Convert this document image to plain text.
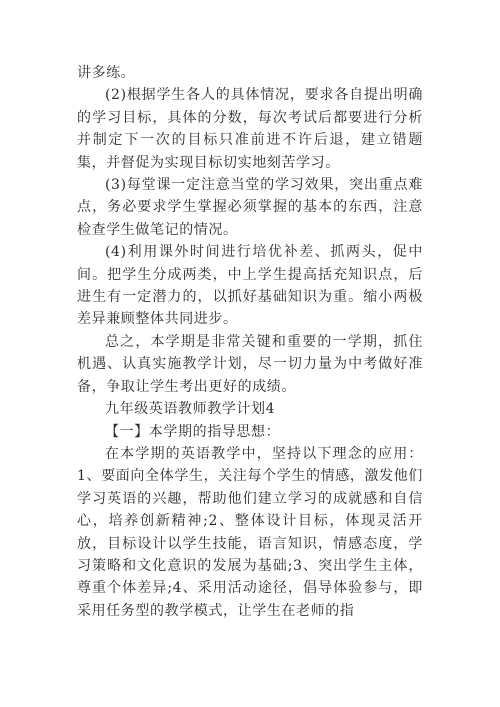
讲多练。

(2)根据学生各人的具体情况，要求各自提出明确的学习目标，具体的分数，每次考试后都要进行分析并制定下一次的目标只准前进不许后退，建立错题集，并督促为实现目标切实地刻苦学习。

(3)每堂课一定注意当堂的学习效果，突出重点难点，务必要求学生掌握必须掌握的基本的东西，注意检查学生做笔记的情况。

(4)利用课外时间进行培优补差、抓两头，促中间。把学生分成两类，中上学生提高括充知识点，后进生有一定潜力的，以抓好基础知识为重。缩小两极差异兼顾整体共同进步。

总之，本学期是非常关键和重要的一学期，抓住机遇、认真实施教学计划，尽一切力量为中考做好准备，争取让学生考出更好的成绩。

九年级英语教师教学计划4

【一】本学期的指导思想：

在本学期的英语教学中，坚持以下理念的应用：1、要面向全体学生，关注每个学生的情感，激发他们学习英语的兴趣，帮助他们建立学习的成就感和自信心，培养创新精神;2、整体设计目标，体现灵活开放，目标设计以学生技能，语言知识，情感态度，学习策略和文化意识的发展为基础;3、突出学生主体，尊重个体差异;4、采用活动途径，倡导体验参与，即采用任务型的教学模式，让学生在老师的指
